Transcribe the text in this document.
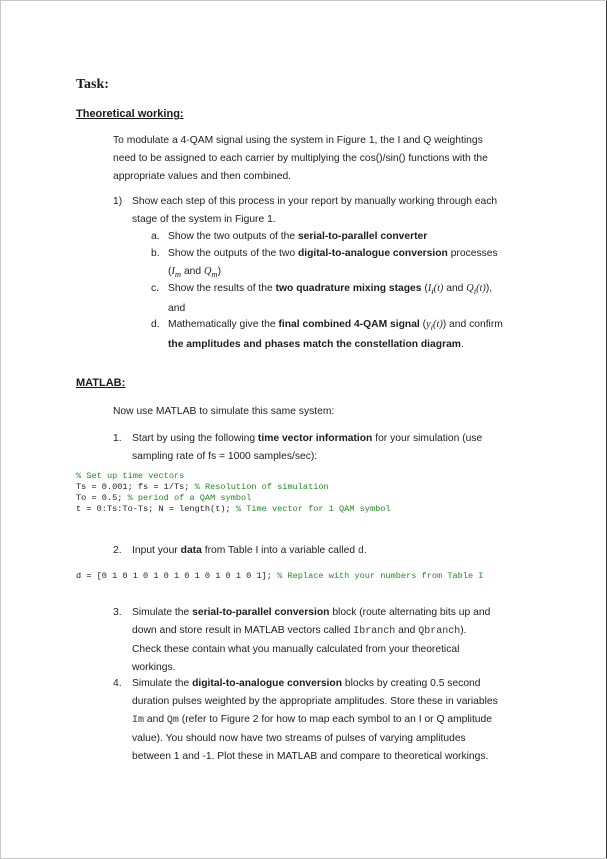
Task:
Theoretical working:
To modulate a 4-QAM signal using the system in Figure 1, the I and Q weightings
need to be assigned to each carrier by multiplying the cos()/sin() functions with the
appropriate values and then combined.
1) Show each step of this process in your report by manually working through each
stage of the system in Figure 1.
a. Show the two outputs of the serial-to-parallel converter
b. Show the outputs of the two digital-to-analogue conversion processes
($I_m$ and $Q_m$)
c. Show the results of the two quadrature mixing stages ($I_i(t)$ and $Q_i(t)$),
and
d. Mathematically give the final combined 4-QAM signal $(y_i(t))$ and confirm
the amplitudes and phases match the constellation diagram.
MATLAB:
Now use MATLAB to simulate this same system:
1. Start by using the following time vector information for your simulation (use
sampling rate of fs = 1000 samples/sec):
% Set up time vectors
Ts = 0.001; fs = 1/Ts; % Resolution of simulation
To = 0.5; % period of a QAM symbol
t = 0:Ts:To-Ts; N = length(t); % Time vector for 1 QAM symbol
2. Input your data from Table I into a variable called d.
d = [0 1 0 1 0 1 0 1 0 1 0 1 0 1 0 1]; % Replace with your numbers from Table I
3. Simulate the serial-to-parallel conversion block (route alternating bits up and
down and store result in MATLAB vectors called Ibranch and Qbranch).
Check these contain what you manually calculated from your theoretical
workings.
4. Simulate the digital-to-analogue conversion blocks by creating 0.5 second
duration pulses weighted by the appropriate amplitudes. Store these in variables
Im and Qm (refer to Figure 2 for how to map each symbol to an I or Q amplitude
value). You should now have two streams of pulses of varying amplitudes
between 1 and -1. Plot these in MATLAB and compare to theoretical workings.
